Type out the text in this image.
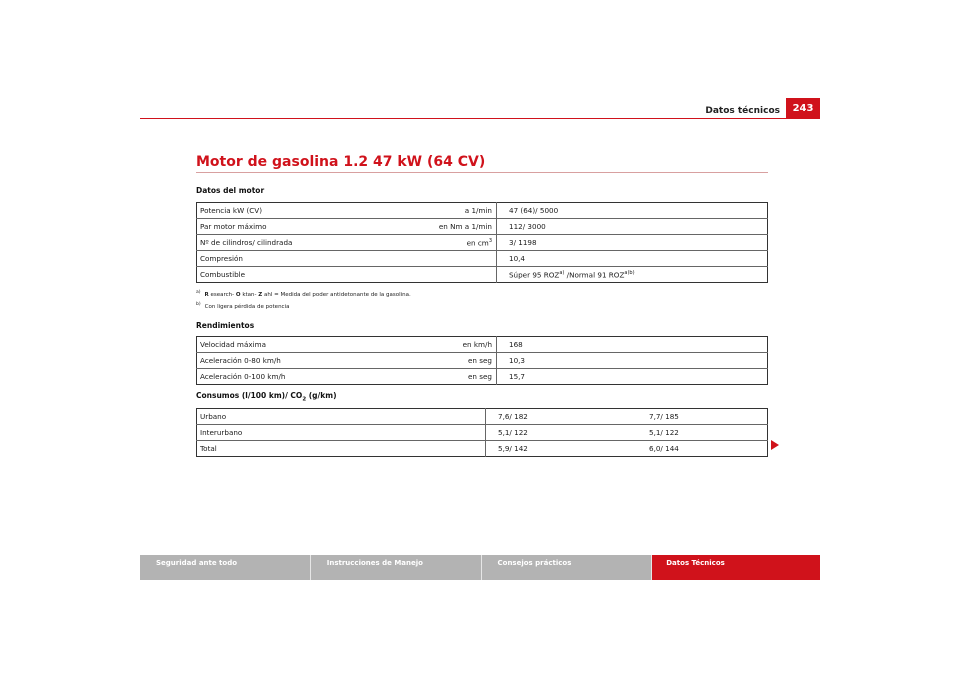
Datos técnicos	243
Motor de gasolina 1.2 47 kW (64 CV)
Datos del motor
Potencia kW (CV)	a 1/min	47 (64)/ 5000
Par motor máximo	en Nm a 1/min	112/ 3000
Nº de cilindros/ cilindrada	en $cm^3$	3/ 1198
Compresión		10,4
Combustible		Súper 95 ROZ$^{a)}$ /Normal 91 $ROZ^{a)b)}$
$^{a)}$ R esearch- O ktan- Z ahl = Medida del poder antidetonante de la gasolina.
$^{b)}$ Con ligera pérdida de potencia
Rendimientos
Velocidad máxima	en km/h	168
Aceleración 0-80 km/h	en seg	10,3
Aceleración 0-100 km/h	en seg	15,7
Consumos (l/100 km)/ $CO_2$ (g/km)
Urbano	7,6/ 182	7,7/ 185
Interurbano	5,1/ 122	5,1/ 122
Total	5,9/ 142	6,0/ 144
Seguridad ante todo	Instrucciones de Manejo	Consejos prácticos	Datos Técnicos
